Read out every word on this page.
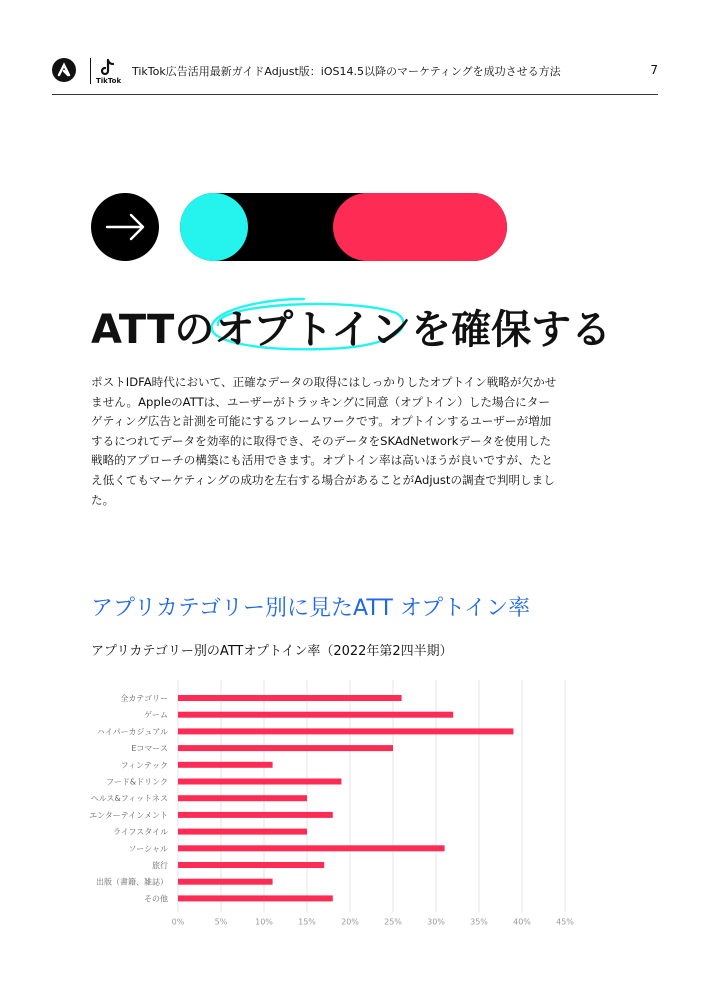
TikTok
TikTok広告活用最新ガイドAdjust版：iOS14.5以降のマーケティングを成功させる方法	7
ATTのオプトインを確保する
ポストIDFA時代において、正確なデータの取得にはしっかりしたオプトイン戦略が欠かせません。AppleのATTは、ユーザーがトラッキングに同意（オプトイン）した場合にターゲティング広告と計測を可能にするフレームワークです。オプトインするユーザーが増加するにつれてデータを効率的に取得でき、そのデータをSKAdNetworkデータを使用した戦略的アプローチの構築にも活用できます。オプトイン率は高いほうが良いですが、たとえ低くてもマーケティングの成功を左右する場合があることがAdjustの調査で判明しました。
アプリカテゴリー別に見たATT オプトイン率
アプリカテゴリー別のATTオプトイン率（2022年第2四半期）
0%	5%	10%	15%	20%	25%	30%	35%	40%	45%
全カテゴリー
ゲーム
ハイパーカジュアル
Eコマース
フィンテック
フード&ドリンク
ヘルス&フィットネス
エンターテインメント
ライフスタイル
ソーシャル
旅行
出版（書籍、雑誌）
その他
